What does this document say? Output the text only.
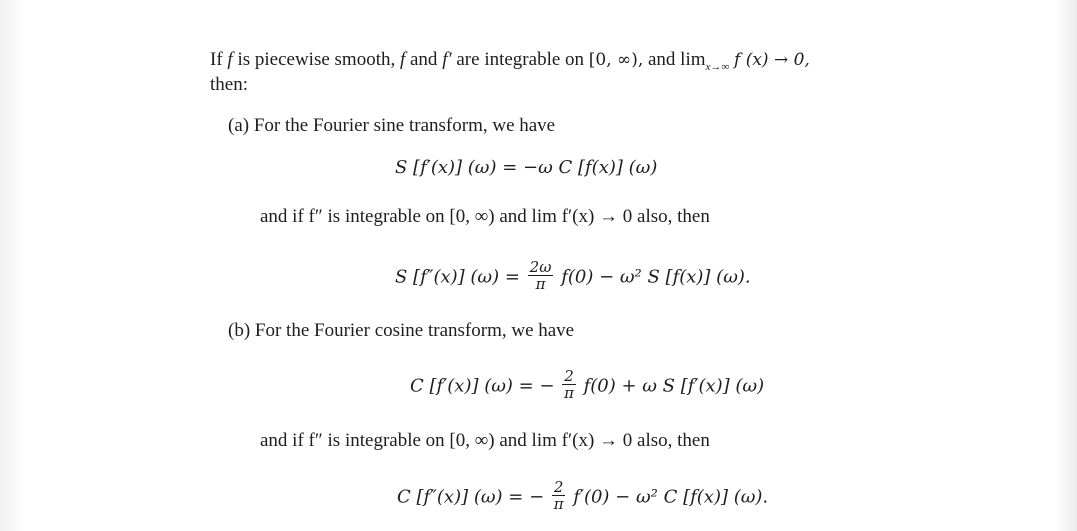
If f is piecewise smooth, f and f′ are integrable on [0, ∞), and $\lim_{x\to\infty} f$ (x) → 0,
then:
(a) For the Fourier sine transform, we have
S [f′(x)] (ω) = −ω C [f(x)] (ω)
and if f″ is integrable on [0, ∞) and lim f′(x) → 0 also, then
S [f″(x)] $(\omega) = \frac{2\omega}{\pi} f(0) - \omega^2$ S [f(x)] (ω).
(b) For the Fourier cosine transform, we have
C [f′(x)] (ω) = − $\frac{2}{\pi} f(0) + \omega$ S [f′(x)] (ω)
and if f″ is integrable on [0, ∞) and lim f′(x) → 0 also, then
C [f″(x)] (ω) = − $\frac{2}{\pi} f'(0) - \omega^2$ C [f(x)] (ω).
